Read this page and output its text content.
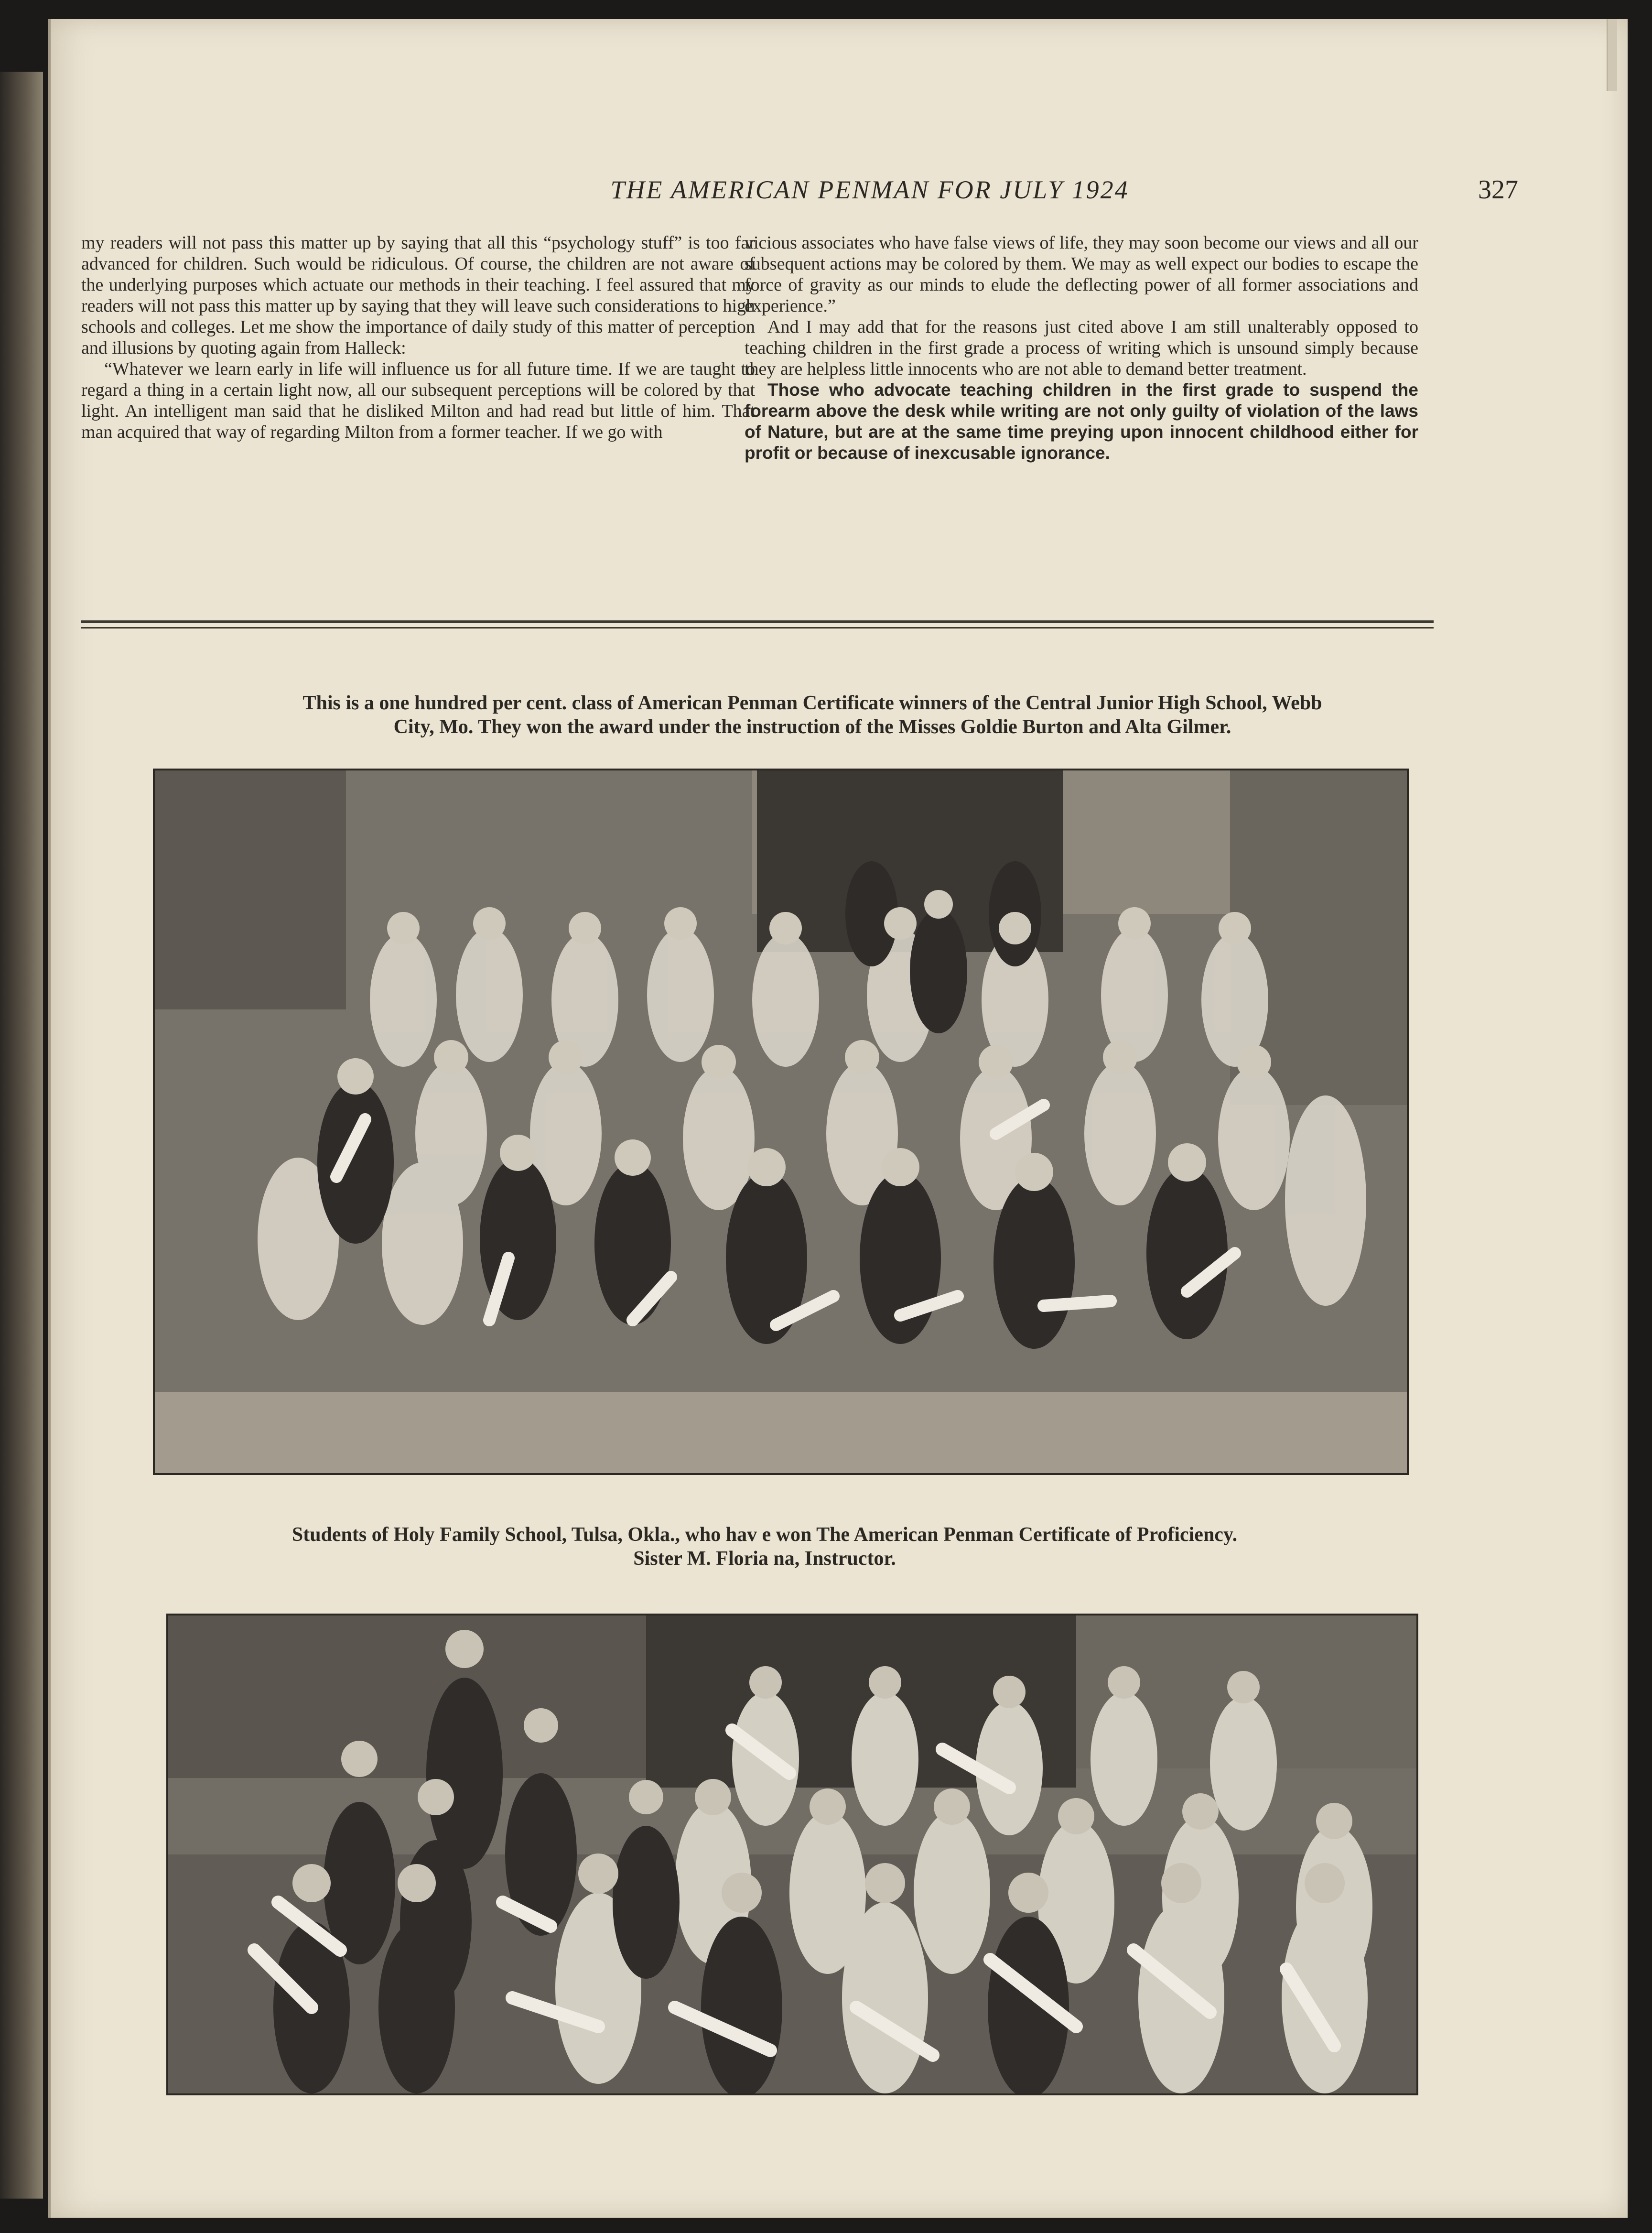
THE AMERICAN PENMAN FOR JULY 1924	327

my readers will not pass this matter up by saying that all this “psychology stuff” is too far advanced for children. Such would be ridiculous. Of course, the children are not aware of the underlying purposes which actuate our methods in their teaching. I feel assured that my readers will not pass this matter up by saying that they will leave such considerations to high schools and colleges. Let me show the importance of daily study of this matter of perception and illusions by quoting again from Halleck:

“Whatever we learn early in life will influence us for all future time. If we are taught to regard a thing in a certain light now, all our subsequent perceptions will be colored by that light. An intelligent man said that he disliked Milton and had read but little of him. That man acquired that way of regarding Milton from a former teacher. If we go with

vicious associates who have false views of life, they may soon become our views and all our subsequent actions may be colored by them. We may as well expect our bodies to escape the force of gravity as our minds to elude the deflecting power of all former associations and experience.”

And I may add that for the reasons just cited above I am still unalterably opposed to teaching children in the first grade a process of writing which is unsound simply because they are helpless little innocents who are not able to demand better treatment.

Those who advocate teaching children in the first grade to suspend the forearm above the desk while writing are not only guilty of violation of the laws of Nature, but are at the same time preying upon innocent childhood either for profit or because of inexcusable ignorance.

This is a one hundred per cent. class of American Penman Certificate winners of the Central Junior High School, Webb
City, Mo. They won the award under the instruction of the Misses Goldie Burton and Alta Gilmer.
Students of Holy Family School, Tulsa, Okla., who hav e won The American Penman Certificate of Proficiency.
Sister M. Floria na, Instructor.
